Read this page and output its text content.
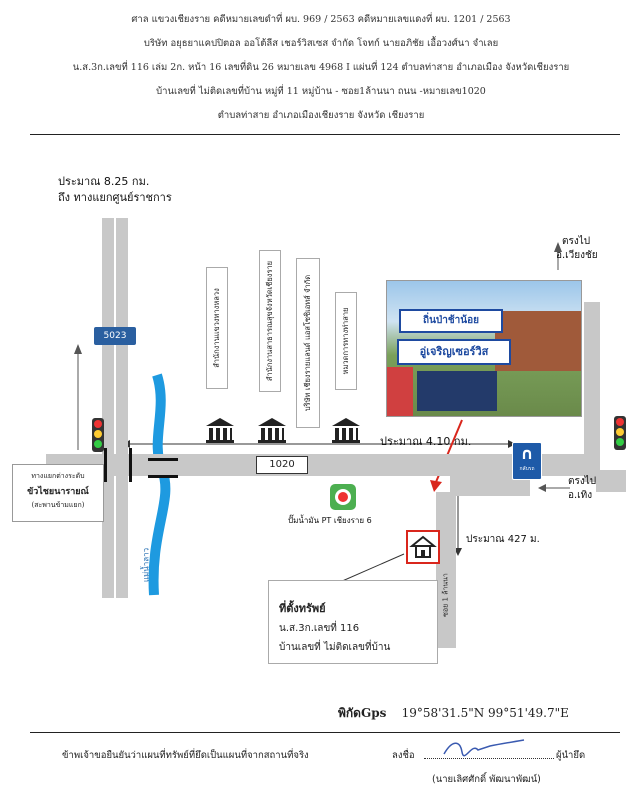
ศาล แขวงเชียงราย คดีหมายเลขดำที่ ผบ. 969 / 2563 คดีหมายเลขแดงที่ ผบ. 1201 / 2563
บริษัท อยุธยาแคปปิตอล ออโต้ลีส เชอร์วิสเซส จำกัด โจทก์ นายอภิชัย เอื้อวงศ์นา จำเลย
น.ส.3ก.เลขที่ 116 เล่ม 2ก. หน้า 16 เลขที่ดิน 26 หมายเลข 4968 I แผ่นที่ 124 ตำบลท่าสาย อำเภอเมือง จังหวัดเชียงราย
บ้านเลขที่ ไม่ติดเลขที่บ้าน หมู่ที่ 11 หมู่บ้าน - ซอย1ล้านนา ถนน -หมายเลข1020
ตำบลท่าสาย อำเภอเมืองเชียงราย จังหวัด เชียงราย
5023
1020
ประมาณ 8.25 กม.
ถึง ทางแยกศูนย์ราชการ
ตรงไป
อ.เวียงชัย
ประมาณ 4.10 กม.
ตรงไป
อ.เทิง
ประมาณ 427 ม.
ทางแยกต่างระดับ
ขัวไชยนารายณ์
(สะพานข้ามแยก)
แม่น้ำลาว
สำนักงานแขวงทางหลวง	สำนักงานสาธารณสุขจังหวัดเชียงราย	บริษัท เชียงรายแลนด์ แอสโซซิเอทส์ จำกัด	หมวดการทางท่าสาย	ถิ่นป่าช้าน้อย
อู่เจริญเซอร์วิส
∩
กลับรถ
ปั๊มน้ำมัน PT เชียงราย 6
ซอย 1 ล้านนา
ที่ตั้งทรัพย์
น.ส.3ก.เลขที่ 116
บ้านเลขที่ ไม่ติดเลขที่บ้าน
พิกัดGps 19°58'31.5"N 99°51'49.7"E
ข้าพเจ้าขอยืนยันว่าแผนที่ทรัพย์ที่ยึดเป็นแผนที่จากสถานที่จริง	ลงชื่อ	ผู้นำยึด
(นายเลิศศักดิ์ พัฒนาพัฒน์)
